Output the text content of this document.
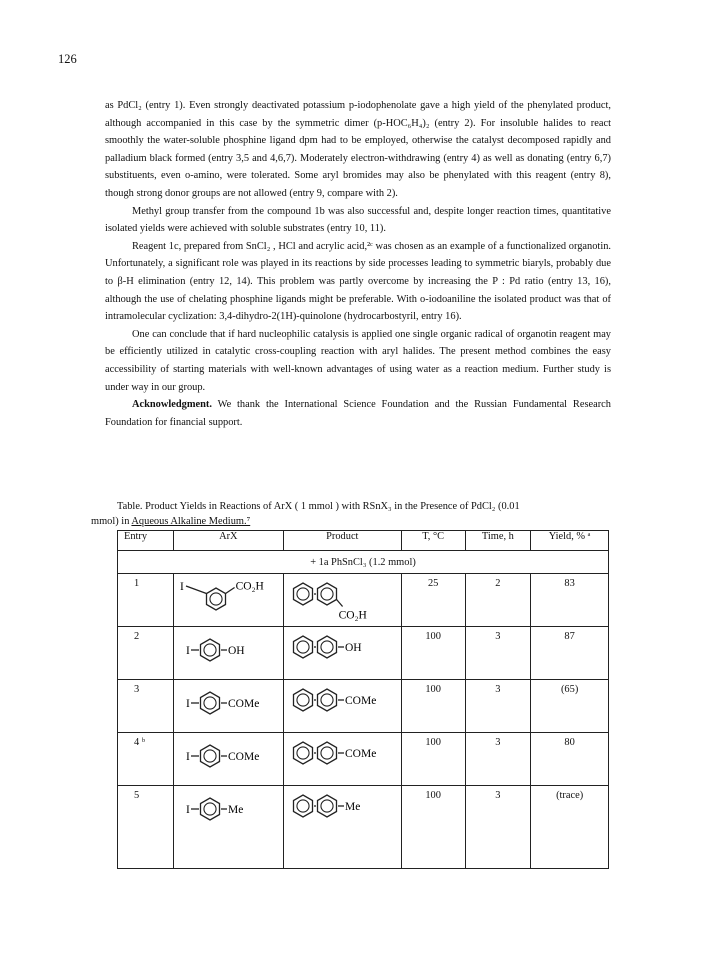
126

as PdCl₂ (entry 1). Even strongly deactivated potassium p-iodophenolate gave a high yield of the phenylated product, although accompanied in this case by the symmetric dimer (p-HOC₆H₄)₂ (entry 2). For insoluble halides to react smoothly the water-soluble phosphine ligand dpm had to be employed, otherwise the catalyst decomposed rapidly and palladium black formed (entry 3,5 and 4,6,7). Moderately electron-withdrawing (entry 4) as well as donating (entry 6,7) substituents, even o-amino, were tolerated. Some aryl bromides may also be phenylated with this reagent (entry 8), though strong donor groups are not allowed (entry 9, compare with 2).

Methyl group transfer from the compound 1b was also successful and, despite longer reaction times, quantitative isolated yields were achieved with soluble substrates (entry 10, 11).

Reagent 1c, prepared from SnCl₂ , HCl and acrylic acid,²ᶜ was chosen as an example of a functionalized organotin. Unfortunately, a significant role was played in its reactions by side processes leading to symmetric biaryls, probably due to β-H elimination (entry 12, 14). This problem was partly overcome by increasing the P : Pd ratio (entry 13, 16), although the use of chelating phosphine ligands might be preferable. With o-iodoaniline the isolated product was that of intramolecular cyclization: 3,4-dihydro-2(1H)-quinolone (hydrocarbostyril, entry 16).

One can conclude that if hard nucleophilic catalysis is applied one single organic radical of organotin reagent may be efficiently utilized in catalytic cross-coupling reaction with aryl halides. The present method combines the easy accessibility of starting materials with well-known advantages of using water as a reaction medium. Further study is under way in our group.

Acknowledgment. We thank the International Science Foundation and the Russian Fundamental Research Foundation for financial support.

Table. Product Yields in Reactions of ArX ( 1 mmol ) with RSnX₃ in the Presence of PdCl₂ (0.01
mmol) in Aqueous Alkaline Medium.⁷
Entry	ArX	Product	T, °C	Time, h	Yield, % ᵃ
+ 1a PhSnCl₃ (1.2 mmol)					
1	I CO₂H	CO₂H	25	2	83
2	I OH	OH	100	3	87
3	I COMe	COMe	100	3	(65)
4 ᵇ	I COMe	COMe	100	3	80
5	I Me	Me	100	3	(trace)
